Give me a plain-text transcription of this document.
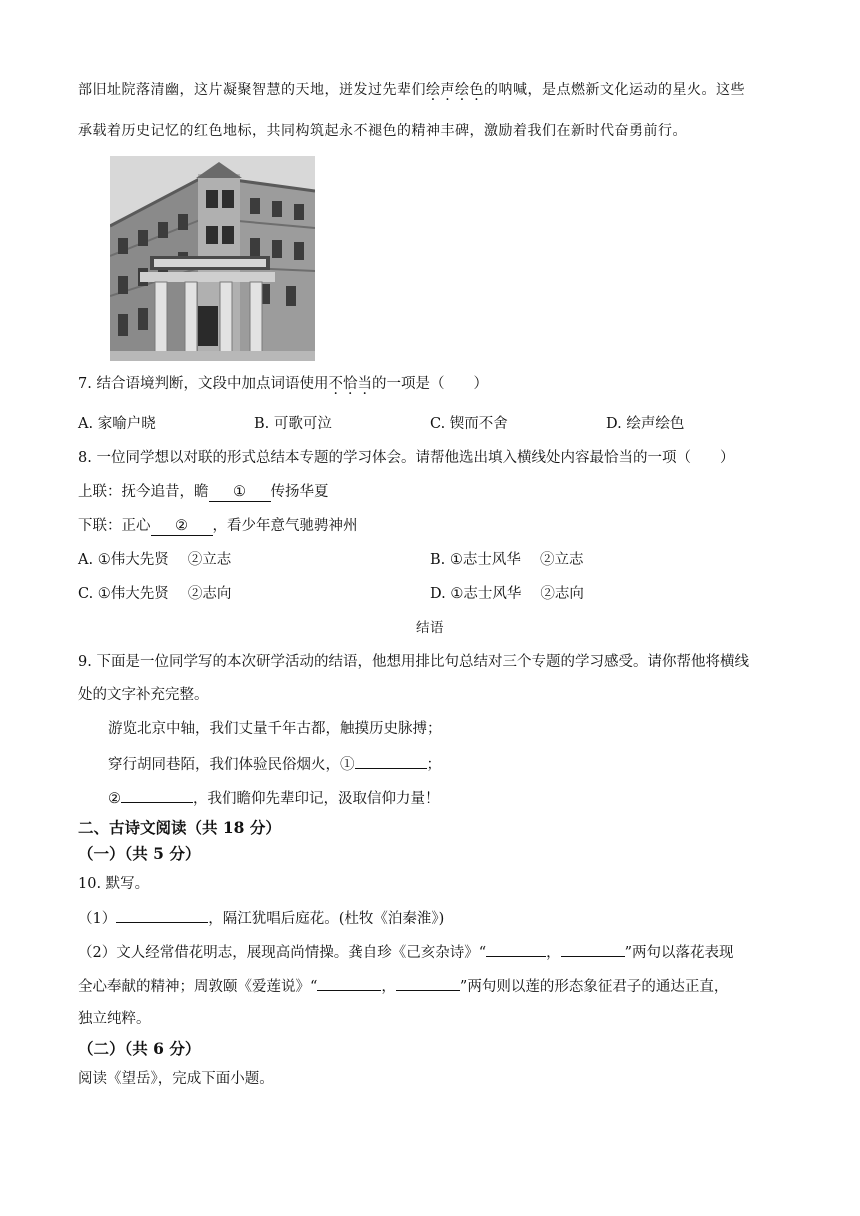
部旧址院落清幽，这片凝聚智慧的天地，迸发过先辈们绘声绘色的呐喊，是点燃新文化运动的星火。这些
承载着历史记忆的红色地标，共同构筑起永不褪色的精神丰碑，激励着我们在新时代奋勇前行。
7. 结合语境判断，文段中加点词语使用不恰当的一项是（　　）
A. 家喻户晓	B. 可歌可泣	C. 锲而不舍	D. 绘声绘色
8. 一位同学想以对联的形式总结本专题的学习体会。请帮他选出填入横线处内容最恰当的一项（　　）
上联：抚今追昔，瞻 ① 传扬华夏
下联：正心 ② ，看少年意气驰骋神州
A. ①伟大先贤　 ②立志	B. ①志士风华　 ②立志
C. ①伟大先贤　 ②志向	D. ①志士风华　 ②志向
结语
9. 下面是一位同学写的本次研学活动的结语，他想用排比句总结对三个专题的学习感受。请你帮他将横线
处的文字补充完整。
游览北京中轴，我们丈量千年古都，触摸历史脉搏；
穿行胡同巷陌，我们体验民俗烟火，①	；
②	，我们瞻仰先辈印记，汲取信仰力量！
二、古诗文阅读（共 18 分）
（一）（共 5 分）
10. 默写。
（1）	，隔江犹唱后庭花。(杜牧《泊秦淮》)
（2）文人经常借花明志，展现高尚情操。龚自珍《己亥杂诗》“	，	”两句以落花表现
全心奉献的精神；周敦颐《爱莲说》“	，	”两句则以莲的形态象征君子的通达正直，
独立纯粹。
（二）（共 6 分）
阅读《望岳》，完成下面小题。
